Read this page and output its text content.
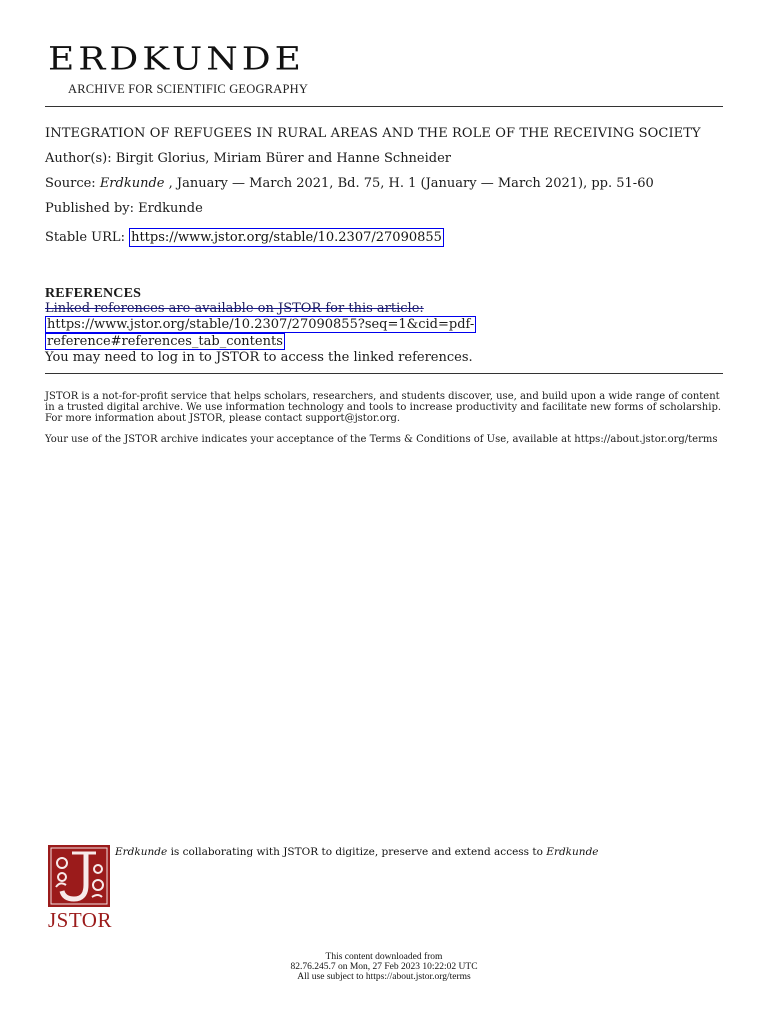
ERDKUNDE
ARCHIVE FOR SCIENTIFIC GEOGRAPHY
INTEGRATION OF REFUGEES IN RURAL AREAS AND THE ROLE OF THE RECEIVING SOCIETY
Author(s): Birgit Glorius, Miriam Bürer and Hanne Schneider
Source: Erdkunde , January — March 2021, Bd. 75, H. 1 (January — March 2021), pp. 51-60
Published by: Erdkunde
Stable URL: https://www.jstor.org/stable/10.2307/27090855
REFERENCES
Linked references are available on JSTOR for this article:
https://www.jstor.org/stable/10.2307/27090855?seq=1&cid=pdf-
reference#references_tab_contents
You may need to log in to JSTOR to access the linked references.
JSTOR is a not-for-profit service that helps scholars, researchers, and students discover, use, and build upon a wide range of content in a trusted digital archive. We use information technology and tools to increase productivity and facilitate new forms of scholarship. For more information about JSTOR, please contact support@jstor.org.
Your use of the JSTOR archive indicates your acceptance of the Terms & Conditions of Use, available at https://about.jstor.org/terms
Erdkunde is collaborating with JSTOR to digitize, preserve and extend access to Erdkunde
JSTOR
This content downloaded from
82.76.245.7 on Mon, 27 Feb 2023 10:22:02 UTC
All use subject to https://about.jstor.org/terms
